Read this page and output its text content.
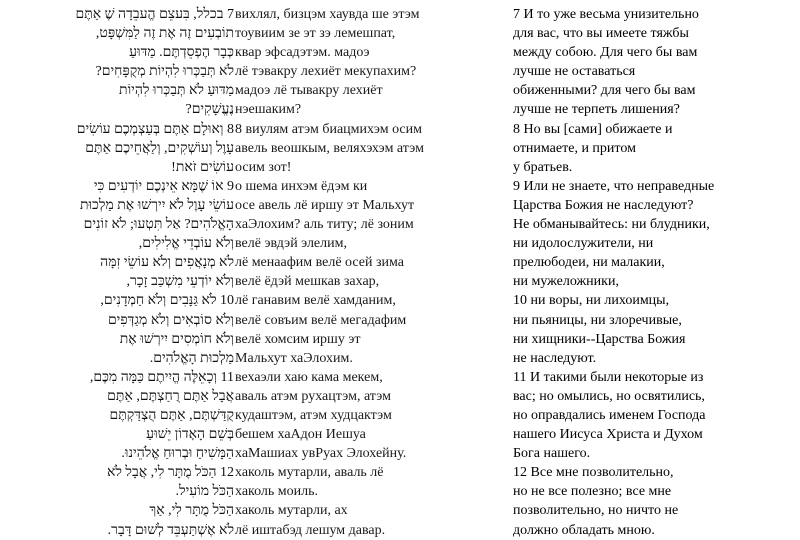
7 בכלל, בִּעצֵם הֱעבֵדָה שֶׁ אַתֶּם
תוֹבְעִים זֶה אֶת זֶה לַמִּשְׁפָּט,
כְּבָר הֶפְסֵדְתֶּם. מַדּוּעַ
לֹא תְּבַכְּרוּ לִהְיוֹת מְקֻפָּחִים?
מַדּוּעַ לֹא תְּבַכְּרוּ לִהְיוֹת
נֶעֱשָׁקִים?
8 וְאוּלָם אַתֶּם בְּעַצְמְכֶם עוֹשִׂים
עָוֶל וְעוֹשְׁקִים, וְלַאֲחֵיכֶם אַתֶּם
עוֹשִׂים זֹאת!
9 אוֹ שֶׁמָּא אֵינְכֶם יוֹדְעִים כִּי
עוֹשֵׂי עָוֶל לֹא יִירְשׁוּ אֶת מַלְכוּת
הָאֱלֹהִים? אַל תִּטְעוּ; לֹא זוֹנִים
וְלֹא עוֹבְדֵי אֱלִילִים,
לֹא מְנָאֲפִים וְלֹא עוֹשֵׂי זִמָּה
וְלֹא יוֹדְעֵי מִשְׁכַּב זָכָר,
10 לֹא גַּנָּבִים וְלֹא חַמְדָנִים,
וְלֹא סוֹבְאִים וְלֹא מְגַדְּפִים
וְלֹא חוֹמְסִים יִירְשׁוּ אֶת
מַלְכוּת הָאֱלֹהִים.
11 וְכָאֵלֶּה הֱיִיתֶם כַּמָּה מִכֶּם,
אֲבָל אַתֶּם רֻחַצְתֶּם, אַתֶּם
קֻדַּשְׁתֶּם, אַתֶּם הֻצְדַּקְתֶּם
בְּשֵׁם הָאָדוֹן יֵשׁוּעַ
הַמָּשִׁיחַ וּבְרוּחַ אֱלֹהֵינוּ.
12 הַכֹּל מֻתָּר לִי, אֲבָל לֹא
הַכֹּל מוֹעִיל.
הַכֹּל מֻתָּר לִי, אַךְ
לֹא אֶשְׁתַּעְבֵּד לְשׁוּם דָּבָר.
вихлял, бизцэм хаувда ше этэм
тоувиим зе эт зэ лемешпат,
квар эфсадэтэм. мадоэ
лё тэвакру лехиёт мекупахим?
мадоэ лё тывакру лехиёт
нэешаким?
8 виулям атэм биацмихэм осим
авель веошкым, веляхэхэм атэм
осим зот!
о шема инхэм ёдэм ки
осе авель лё иршу эт Мальхут
хаЭлохим? аль титу; лё зоним
велё эвдэй элелим,
лё менаафим велё осей зима
велё ёдэй мешкав захар,
лё ганавим велё хамданим,
велё совъим велё мегадафим
велё хомсим иршу эт
Мальхут хаЭлохим.
вехаэли хаю кама мекем,
аваль атэм рухацтэм, атэм
кудаштэм, атэм худцактэм
бешем хаАдон Иешуа
хаМашиах увРуах Элохейну.
хаколь мутарли, аваль лё
хаколь моиль.
хаколь мутарли, ах
лё иштабэд лешум давар.
7 И то уже весьма унизительно
для вас, что вы имеете тяжбы
между собою. Для чего бы вам
лучше не оставаться
обиженными? для чего бы вам
лучше не терпеть лишения?
8 Но вы [сами] обижаете и
отнимаете, и притом
у братьев.
9 Или не знаете, что неправедные
Царства Божия не наследуют?
Не обманывайтесь: ни блудники,
ни идолослужители, ни
прелюбодеи, ни малакии,
ни мужеложники,
10 ни воры, ни лихоимцы,
ни пьяницы, ни злоречивые,
ни хищники--Царства Божия
не наследуют.
11 И такими были некоторые из
вас; но омылись, но освятились,
но оправдались именем Господа
нашего Иисуса Христа и Духом
Бога нашего.
12 Все мне позволительно,
но не все полезно; все мне
позволительно, но ничто не
должно обладать мною.
